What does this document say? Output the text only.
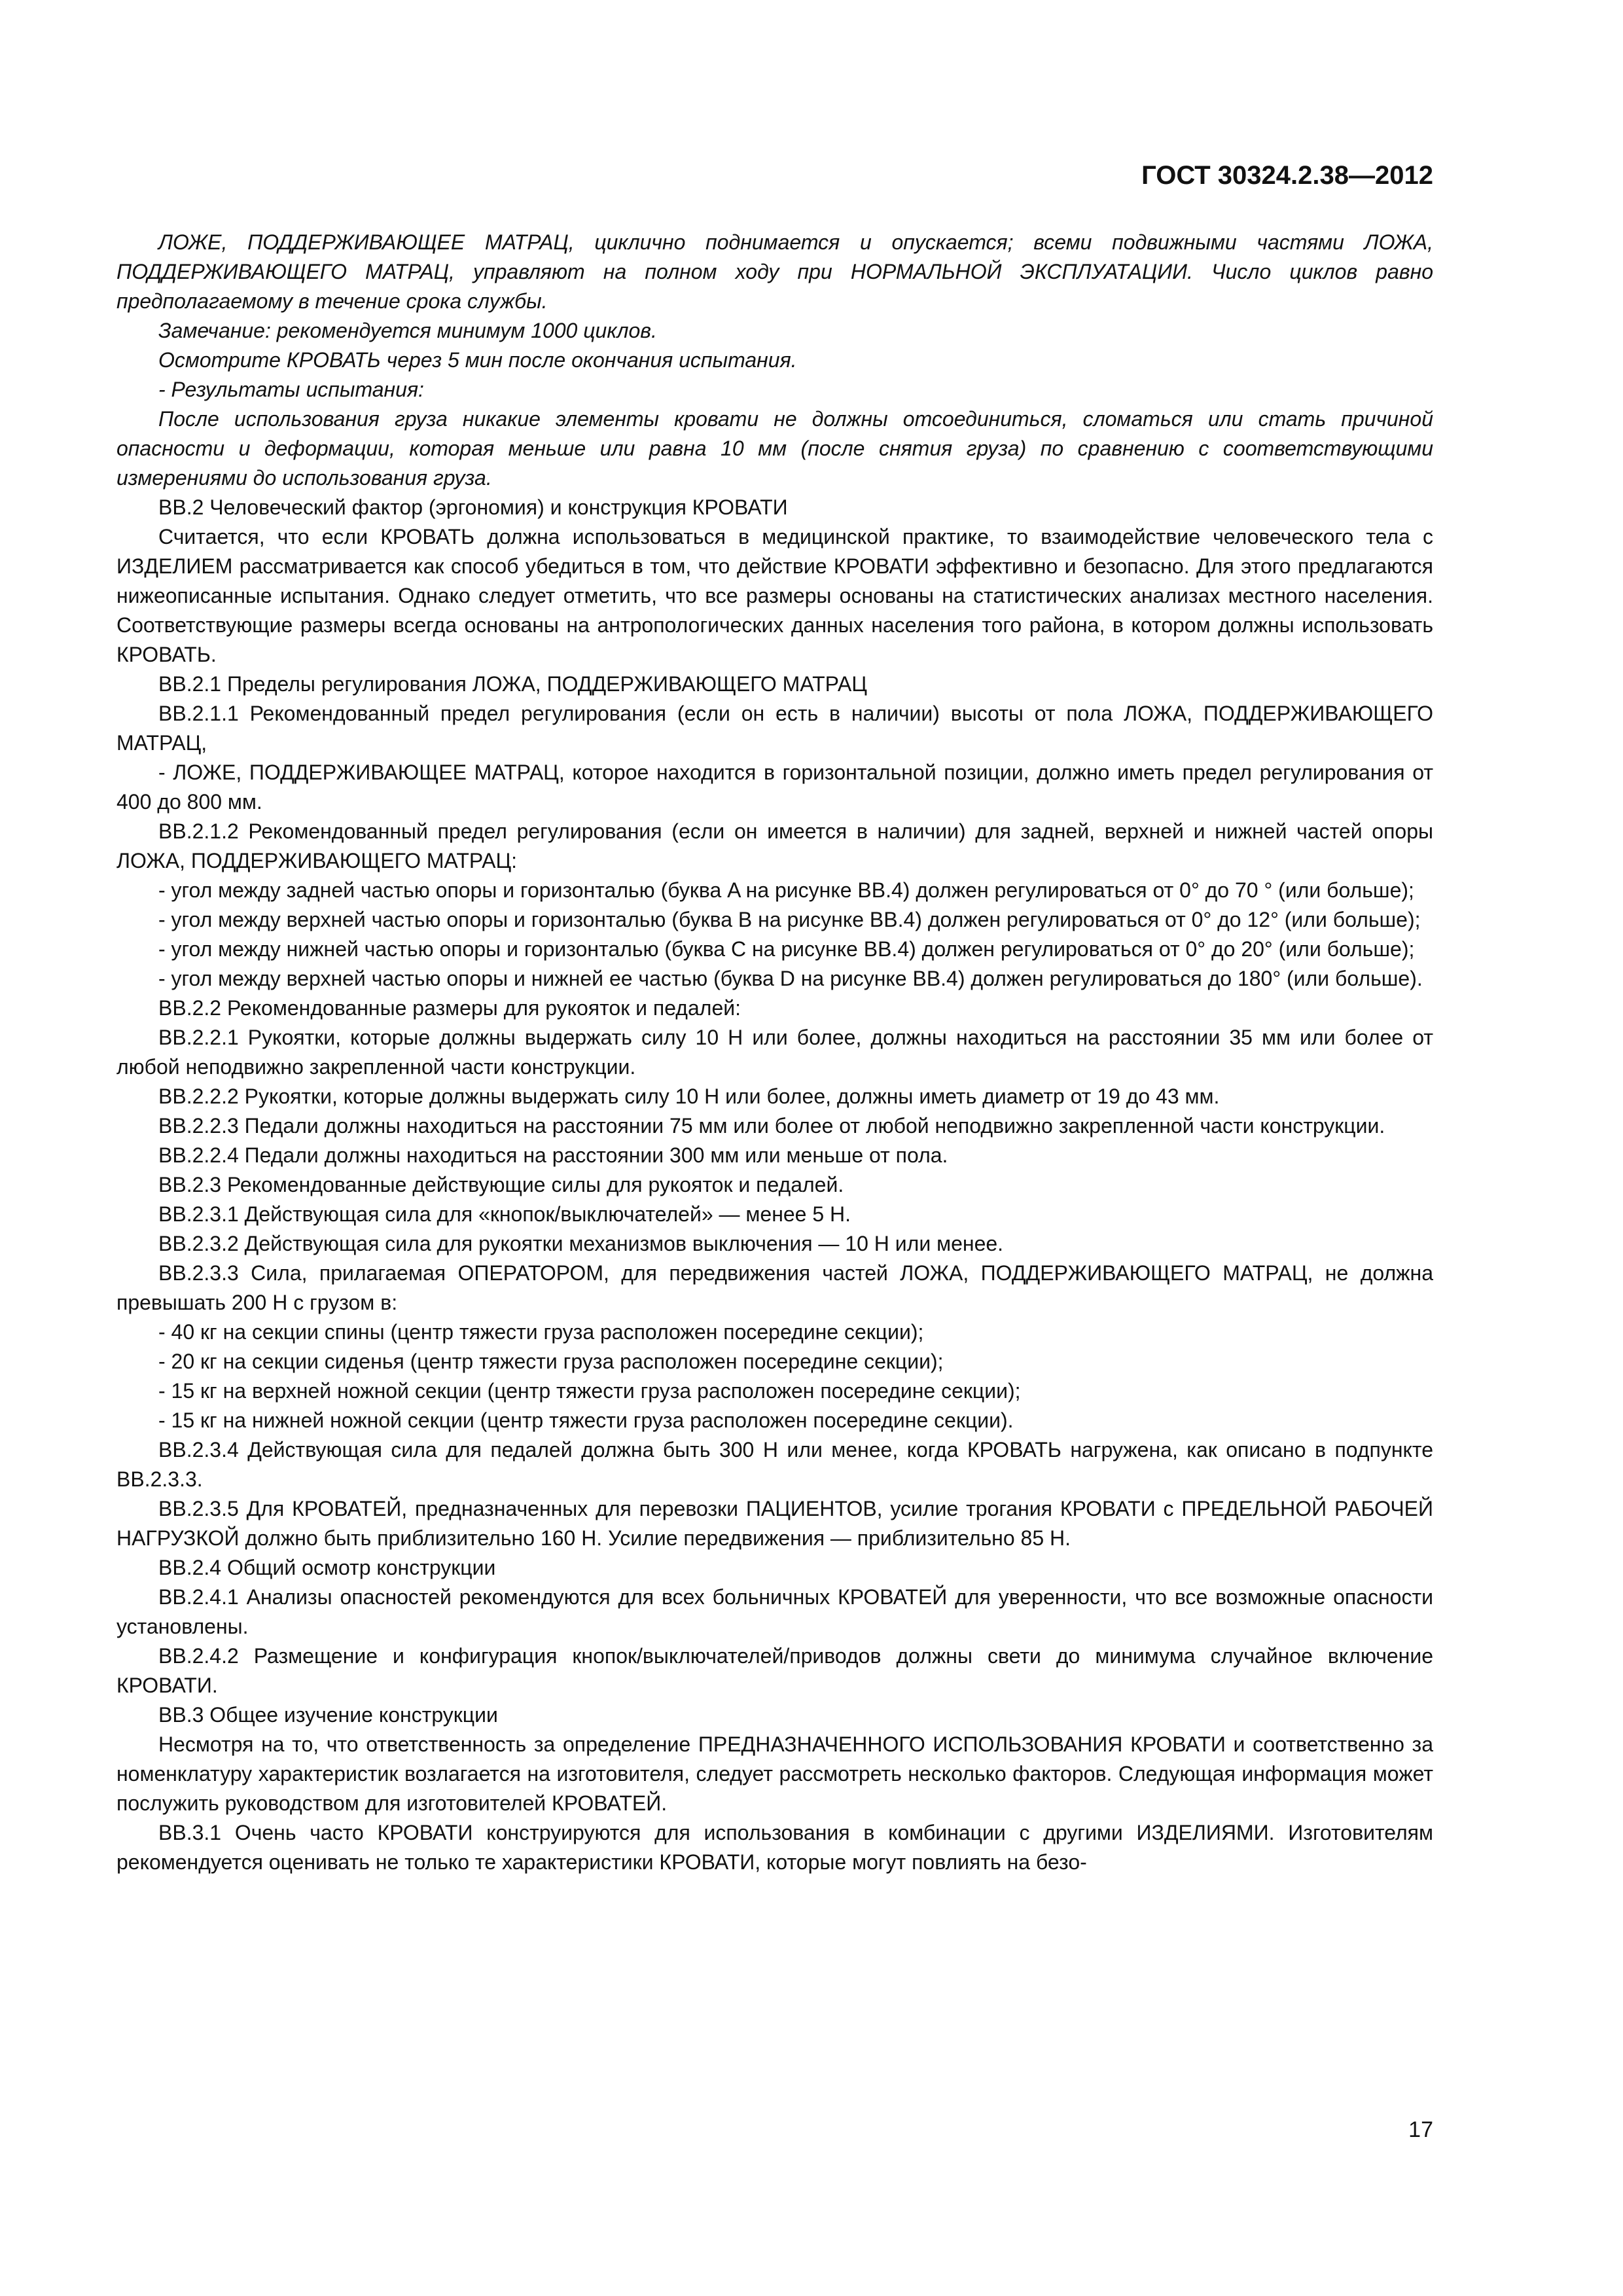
ГОСТ 30324.2.38—2012

ЛОЖЕ, ПОДДЕРЖИВАЮЩЕЕ МАТРАЦ, циклично поднимается и опускается; всеми подвижными частями ЛОЖА, ПОДДЕРЖИВАЮЩЕГО МАТРАЦ, управляют на полном ходу при НОРМАЛЬНОЙ ЭКСПЛУАТАЦИИ. Число циклов равно предполагаемому в течение срока службы.

Замечание: рекомендуется минимум 1000 циклов.

Осмотрите КРОВАТЬ через 5 мин после окончания испытания.

- Результаты испытания:

После использования груза никакие элементы кровати не должны отсоединиться, сломаться или стать причиной опасности и деформации, которая меньше или равна 10 мм (после снятия груза) по сравнению с соответствующими измерениями до использования груза.

ВВ.2 Человеческий фактор (эргономия) и конструкция КРОВАТИ

Считается, что если КРОВАТЬ должна использоваться в медицинской практике, то взаимодействие человеческого тела с ИЗДЕЛИЕМ рассматривается как способ убедиться в том, что действие КРОВАТИ эффективно и безопасно. Для этого предлагаются нижеописанные испытания. Однако следует отметить, что все размеры основаны на статистических анализах местного населения. Соответствующие размеры всегда основаны на антропологических данных населения того района, в котором должны использовать КРОВАТЬ.

ВВ.2.1 Пределы регулирования ЛОЖА, ПОДДЕРЖИВАЮЩЕГО МАТРАЦ

ВВ.2.1.1 Рекомендованный предел регулирования (если он есть в наличии) высоты от пола ЛОЖА, ПОДДЕРЖИВАЮЩЕГО МАТРАЦ,

- ЛОЖЕ, ПОДДЕРЖИВАЮЩЕЕ МАТРАЦ, которое находится в горизонтальной позиции, должно иметь предел регулирования от 400 до 800 мм.

ВВ.2.1.2 Рекомендованный предел регулирования (если он имеется в наличии) для задней, верхней и нижней частей опоры ЛОЖА, ПОДДЕРЖИВАЮЩЕГО МАТРАЦ:

- угол между задней частью опоры и горизонталью (буква A на рисунке ВВ.4) должен регулироваться от 0° до 70 ° (или больше);

- угол между верхней частью опоры и горизонталью (буква B на рисунке ВВ.4) должен регулироваться от 0° до 12° (или больше);

- угол между нижней частью опоры и горизонталью (буква C на рисунке ВВ.4) должен регулироваться от 0° до 20° (или больше);

- угол между верхней частью опоры и нижней ее частью (буква D на рисунке ВВ.4) должен регулироваться до 180° (или больше).

ВВ.2.2 Рекомендованные размеры для рукояток и педалей:

ВВ.2.2.1 Рукоятки, которые должны выдержать силу 10 Н или более, должны находиться на расстоянии 35 мм или более от любой неподвижно закрепленной части конструкции.

ВВ.2.2.2 Рукоятки, которые должны выдержать силу 10 Н или более, должны иметь диаметр от 19 до 43 мм.

ВВ.2.2.3 Педали должны находиться на расстоянии 75 мм или более от любой неподвижно закрепленной части конструкции.

ВВ.2.2.4 Педали должны находиться на расстоянии 300 мм или меньше от пола.

ВВ.2.3 Рекомендованные действующие силы для рукояток и педалей.

ВВ.2.3.1 Действующая сила для «кнопок/выключателей» — менее 5 Н.

ВВ.2.3.2 Действующая сила для рукоятки механизмов выключения — 10 Н или менее.

ВВ.2.3.3 Сила, прилагаемая ОПЕРАТОРОМ, для передвижения частей ЛОЖА, ПОДДЕРЖИВАЮЩЕГО МАТРАЦ, не должна превышать 200 Н с грузом в:

- 40 кг на секции спины (центр тяжести груза расположен посередине секции);

- 20 кг на секции сиденья (центр тяжести груза расположен посередине секции);

- 15 кг на верхней ножной секции (центр тяжести груза расположен посередине секции);

- 15 кг на нижней ножной секции (центр тяжести груза расположен посередине секции).

ВВ.2.3.4 Действующая сила для педалей должна быть 300 Н или менее, когда КРОВАТЬ нагружена, как описано в подпункте ВВ.2.3.3.

ВВ.2.3.5 Для КРОВАТЕЙ, предназначенных для перевозки ПАЦИЕНТОВ, усилие трогания КРОВАТИ с ПРЕДЕЛЬНОЙ РАБОЧЕЙ НАГРУЗКОЙ должно быть приблизительно 160 Н. Усилие передвижения — приблизительно 85 Н.

ВВ.2.4 Общий осмотр конструкции

ВВ.2.4.1 Анализы опасностей рекомендуются для всех больничных КРОВАТЕЙ для уверенности, что все возможные опасности установлены.

ВВ.2.4.2 Размещение и конфигурация кнопок/выключателей/приводов должны свети до минимума случайное включение КРОВАТИ.

ВВ.3 Общее изучение конструкции

Несмотря на то, что ответственность за определение ПРЕДНАЗНАЧЕННОГО ИСПОЛЬЗОВАНИЯ КРОВАТИ и соответственно за номенклатуру характеристик возлагается на изготовителя, следует рассмотреть несколько факторов. Следующая информация может послужить руководством для изготовителей КРОВАТЕЙ.

ВВ.3.1 Очень часто КРОВАТИ конструируются для использования в комбинации с другими ИЗДЕЛИЯМИ. Изготовителям рекомендуется оценивать не только те характеристики КРОВАТИ, которые могут повлиять на безо-

17
